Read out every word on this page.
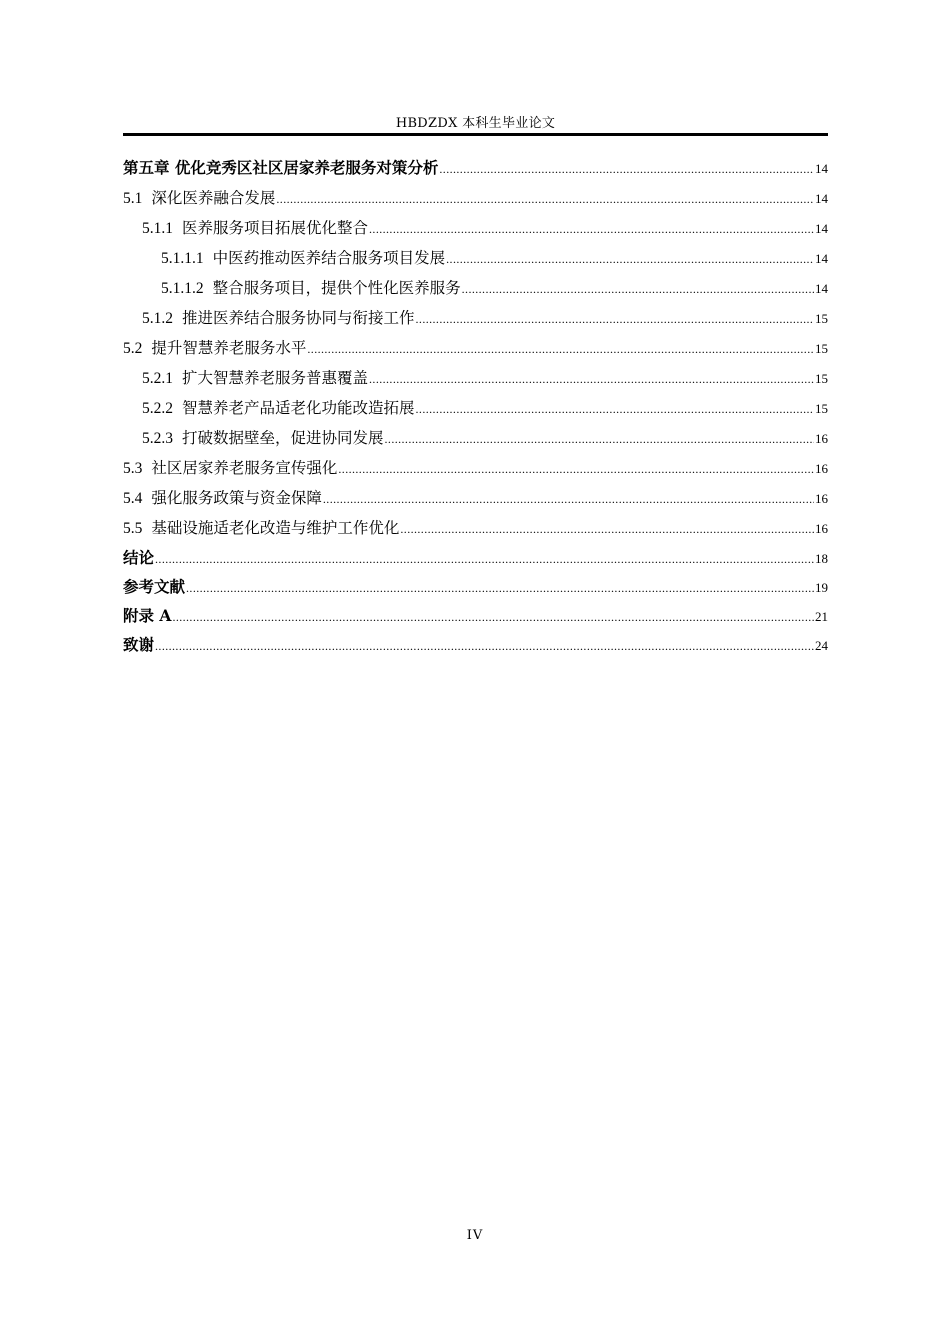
HBDZDX 本科生毕业论文
第五章 优化竞秀区社区居家养老服务对策分析 .....	14
5.1 深化医养融合发展 .....	14
5.1.1 医养服务项目拓展优化整合 .....	14
5.1.1.1 中医药推动医养结合服务项目发展 .....	14
5.1.1.2 整合服务项目，提供个性化医养服务 .....	14
5.1.2 推进医养结合服务协同与衔接工作 .....	15
5.2 提升智慧养老服务水平 .....	15
5.2.1 扩大智慧养老服务普惠覆盖 .....	15
5.2.2 智慧养老产品适老化功能改造拓展 .....	15
5.2.3 打破数据壁垒，促进协同发展 .....	16
5.3 社区居家养老服务宣传强化 .....	16
5.4 强化服务政策与资金保障 .....	16
5.5 基础设施适老化改造与维护工作优化 .....	16
结论 .....	18
参考文献 .....	19
附录 A .....	21
致谢 .....	24
IV
